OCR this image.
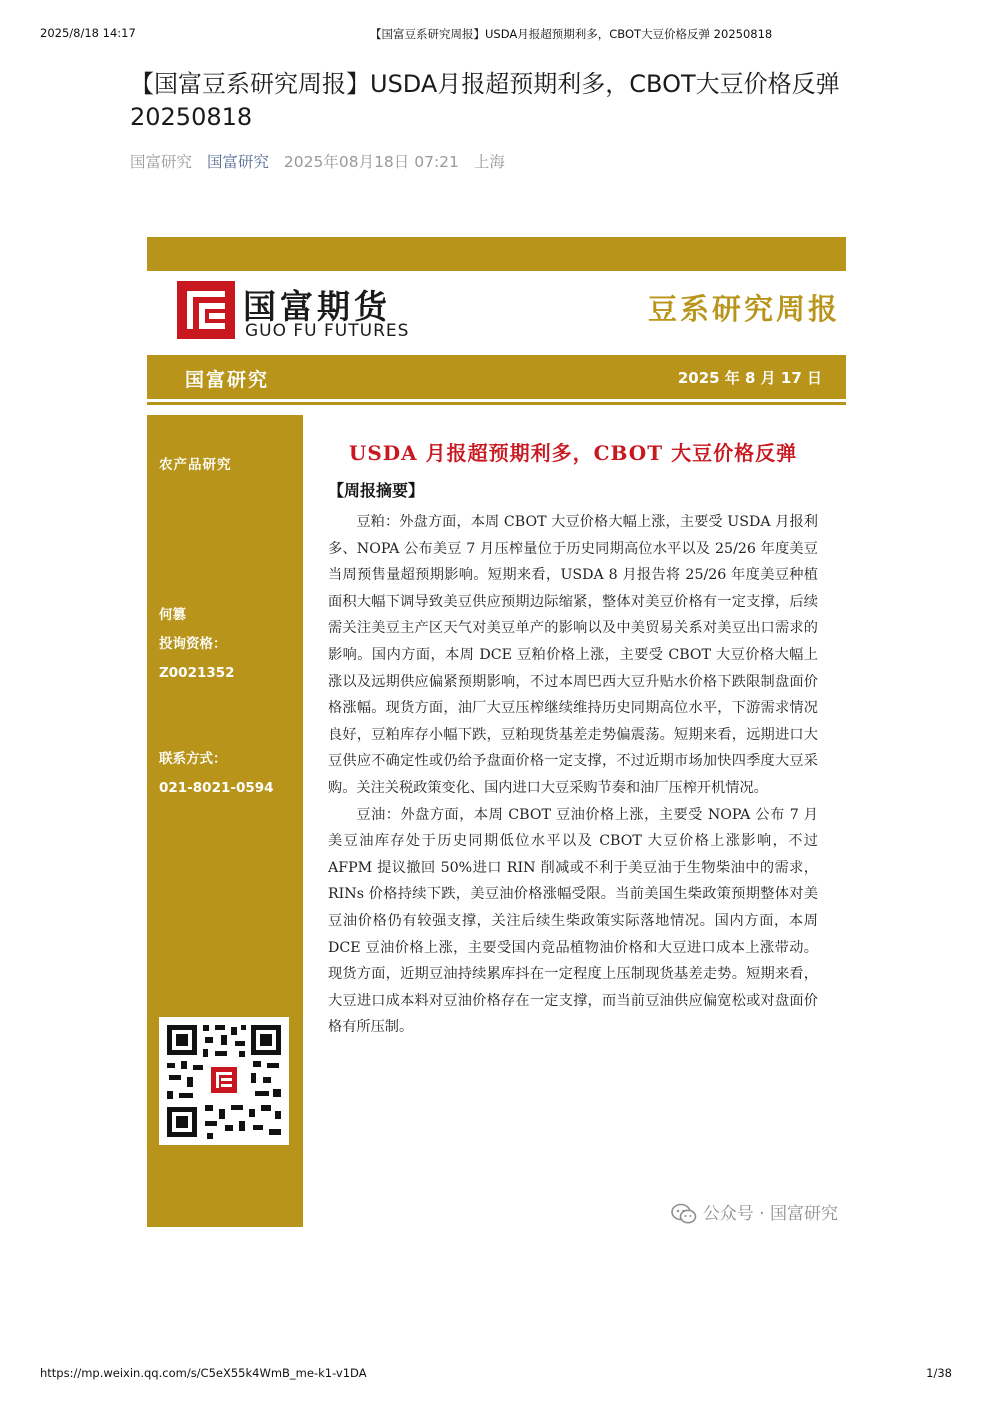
2025/8/18 14:17	【国富豆系研究周报】USDA月报超预期利多，CBOT大豆价格反弹 20250818
【国富豆系研究周报】USDA月报超预期利多，CBOT大豆价格反弹20250818
国富研究 国富研究 2025年08月18日 07:21 上海
国富期货
GUO FU FUTURES
豆系研究周报
国富研究	2025 年 8 月 17 日
农产品研究
何篡
投询资格：
Z0021352
联系方式：
021-8021-0594
USDA 月报超预期利多，CBOT 大豆价格反弹
【周报摘要】

豆粕：外盘方面，本周 CBOT 大豆价格大幅上涨，主要受 USDA 月报利多、NOPA 公布美豆 7 月压榨量位于历史同期高位水平以及 25/26 年度美豆当周预售量超预期影响。短期来看，USDA 8 月报告将 25/26 年度美豆种植面积大幅下调导致美豆供应预期边际缩紧，整体对美豆价格有一定支撑，后续需关注美豆主产区天气对美豆单产的影响以及中美贸易关系对美豆出口需求的影响。国内方面，本周 DCE 豆粕价格上涨，主要受 CBOT 大豆价格大幅上涨以及远期供应偏紧预期影响，不过本周巴西大豆升贴水价格下跌限制盘面价格涨幅。现货方面，油厂大豆压榨继续维持历史同期高位水平，下游需求情况良好，豆粕库存小幅下跌，豆粕现货基差走势偏震荡。短期来看，远期进口大豆供应不确定性或仍给予盘面价格一定支撑，不过近期市场加快四季度大豆采购。关注关税政策变化、国内进口大豆采购节奏和油厂压榨开机情况。

豆油：外盘方面，本周 CBOT 豆油价格上涨，主要受 NOPA 公布 7 月美豆油库存处于历史同期低位水平以及 CBOT 大豆价格上涨影响，不过 AFPM 提议撤回 50%进口 RIN 削减或不利于美豆油于生物柴油中的需求，RINs 价格持续下跌，美豆油价格涨幅受限。当前美国生柴政策预期整体对美豆油价格仍有较强支撑，关注后续生柴政策实际落地情况。国内方面，本周 DCE 豆油价格上涨，主要受国内竞品植物油价格和大豆进口成本上涨带动。现货方面，近期豆油持续累库抖在一定程度上压制现货基差走势。短期来看，大豆进口成本料对豆油价格存在一定支撑，而当前豆油供应偏宽松或对盘面价格有所压制。

公众号 · 国富研究
https://mp.weixin.qq.com/s/C5eX55k4WmB_me-k1-v1DA	1/38
